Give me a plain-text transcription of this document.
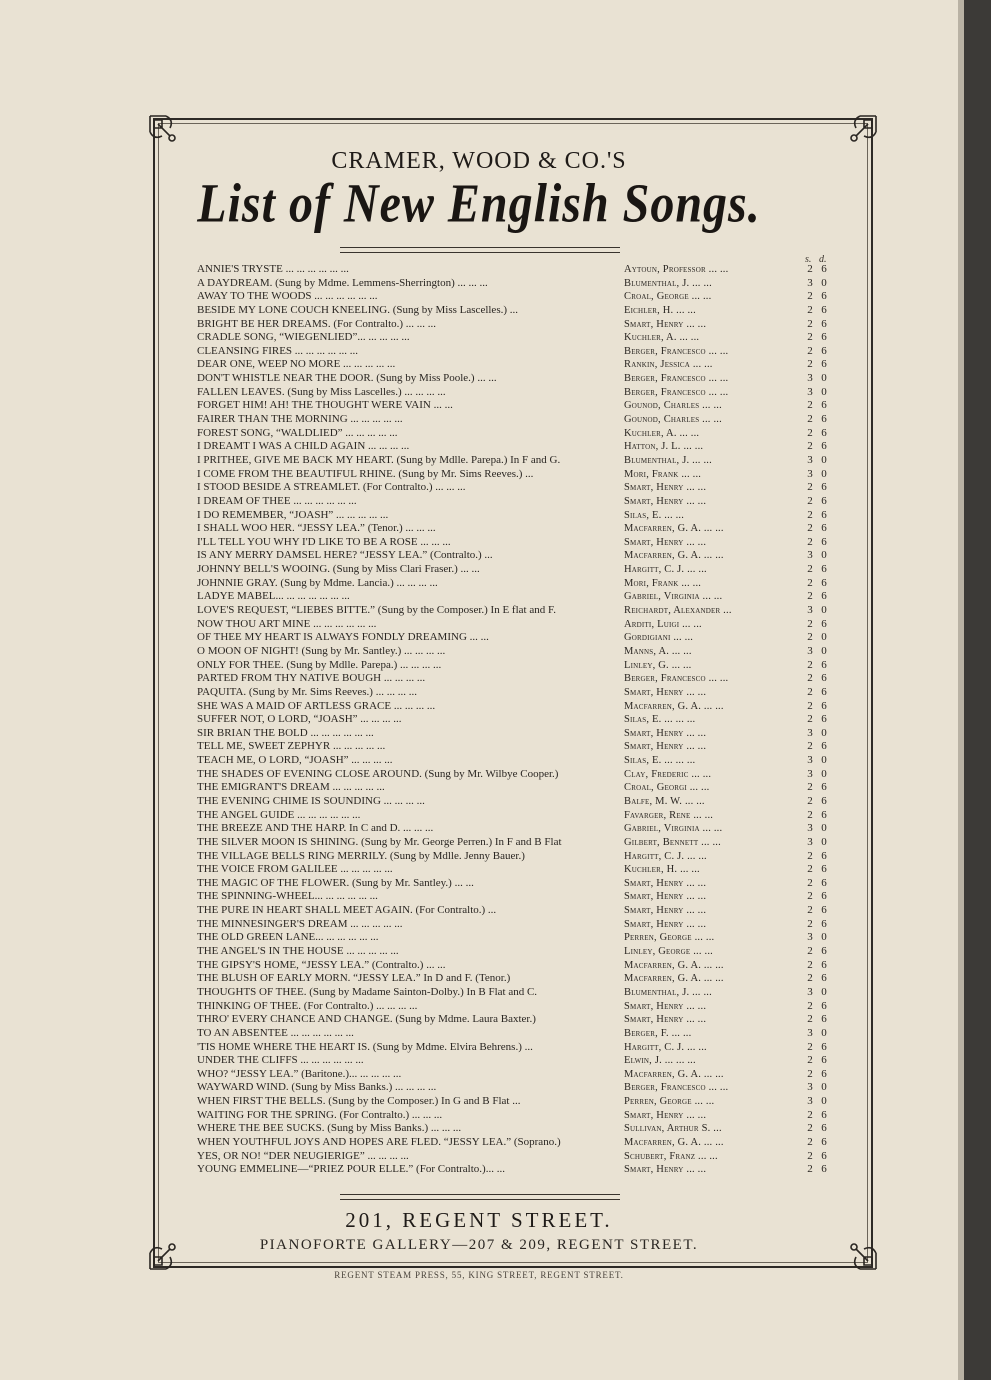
CRAMER, WOOD & CO.'S
List of New English Songs.
s. d.
ANNIE'S TRYSTE ... ... ... ... ... ...	Aytoun, Professor ... ...	2 6
A DAYDREAM. (Sung by Mdme. Lemmens-Sherrington) ... ... ...	Blumenthal, J. ... ...	3 0
AWAY TO THE WOODS ... ... ... ... ... ...	Croal, George ... ...	2 6
BESIDE MY LONE COUCH KNEELING. (Sung by Miss Lascelles.) ...	Eichler, H. ... ...	2 6
BRIGHT BE HER DREAMS. (For Contralto.) ... ... ...	Smart, Henry ... ...	2 6
CRADLE SONG, “WIEGENLIED”... ... ... ... ...	Kuchler, A. ... ...	2 6
CLEANSING FIRES ... ... ... ... ... ...	Berger, Francesco ... ...	2 6
DEAR ONE, WEEP NO MORE ... ... ... ... ...	Rankin, Jessica ... ...	2 6
DON'T WHISTLE NEAR THE DOOR. (Sung by Miss Poole.) ... ...	Berger, Francesco ... ...	3 0
FALLEN LEAVES. (Sung by Miss Lascelles.) ... ... ... ...	Berger, Francesco ... ...	3 0
FORGET HIM! AH! THE THOUGHT WERE VAIN ... ...	Gounod, Charles ... ...	2 6
FAIRER THAN THE MORNING ... ... ... ... ...	Gounod, Charles ... ...	2 6
FOREST SONG, “WALDLIED” ... ... ... ... ...	Kuchler, A. ... ...	2 6
I DREAMT I WAS A CHILD AGAIN ... ... ... ...	Hatton, J. L. ... ...	2 6
I PRITHEE, GIVE ME BACK MY HEART. (Sung by Mdlle. Parepa.) In F and G.	Blumenthal, J. ... ...	3 0
I COME FROM THE BEAUTIFUL RHINE. (Sung by Mr. Sims Reeves.) ...	Mori, Frank ... ...	3 0
I STOOD BESIDE A STREAMLET. (For Contralto.) ... ... ...	Smart, Henry ... ...	2 6
I DREAM OF THEE ... ... ... ... ... ...	Smart, Henry ... ...	2 6
I DO REMEMBER, “JOASH” ... ... ... ... ...	Silas, E. ... ...	2 6
I SHALL WOO HER. “JESSY LEA.” (Tenor.) ... ... ...	Macfarren, G. A. ... ...	2 6
I'LL TELL YOU WHY I'D LIKE TO BE A ROSE ... ... ...	Smart, Henry ... ...	2 6
IS ANY MERRY DAMSEL HERE? “JESSY LEA.” (Contralto.) ...	Macfarren, G. A. ... ...	3 0
JOHNNY BELL'S WOOING. (Sung by Miss Clari Fraser.) ... ...	Hargitt, C. J. ... ...	2 6
JOHNNIE GRAY. (Sung by Mdme. Lancia.) ... ... ... ...	Mori, Frank ... ...	2 6
LADYE MABEL... ... ... ... ... ... ...	Gabriel, Virginia ... ...	2 6
LOVE'S REQUEST, “LIEBES BITTE.” (Sung by the Composer.) In E flat and F.	Reichardt, Alexander ...	3 0
NOW THOU ART MINE ... ... ... ... ... ...	Arditi, Luigi ... ...	2 6
OF THEE MY HEART IS ALWAYS FONDLY DREAMING ... ...	Gordigiani ... ...	2 0
O MOON OF NIGHT! (Sung by Mr. Santley.) ... ... ... ...	Manns, A. ... ...	3 0
ONLY FOR THEE. (Sung by Mdlle. Parepa.) ... ... ... ...	Linley, G. ... ...	2 6
PARTED FROM THY NATIVE BOUGH ... ... ... ...	Berger, Francesco ... ...	2 6
PAQUITA. (Sung by Mr. Sims Reeves.) ... ... ... ...	Smart, Henry ... ...	2 6
SHE WAS A MAID OF ARTLESS GRACE ... ... ... ...	Macfarren, G. A. ... ...	2 6
SUFFER NOT, O LORD, “JOASH” ... ... ... ...	Silas, E. ... ... ...	2 6
SIR BRIAN THE BOLD ... ... ... ... ... ...	Smart, Henry ... ...	3 0
TELL ME, SWEET ZEPHYR ... ... ... ... ...	Smart, Henry ... ...	2 6
TEACH ME, O LORD, “JOASH” ... ... ... ...	Silas, E. ... ... ...	3 0
THE SHADES OF EVENING CLOSE AROUND. (Sung by Mr. Wilbye Cooper.)	Clay, Frederic ... ...	3 0
THE EMIGRANT'S DREAM ... ... ... ... ...	Croal, Georgi ... ...	2 6
THE EVENING CHIME IS SOUNDING ... ... ... ...	Balfe, M. W. ... ...	2 6
THE ANGEL GUIDE ... ... ... ... ... ...	Favarger, Rene ... ...	2 6
THE BREEZE AND THE HARP. In C and D. ... ... ...	Gabriel, Virginia ... ...	3 0
THE SILVER MOON IS SHINING. (Sung by Mr. George Perren.) In F and B Flat	Gilbert, Bennett ... ...	3 0
THE VILLAGE BELLS RING MERRILY. (Sung by Mdlle. Jenny Bauer.)	Hargitt, C. J. ... ...	2 6
THE VOICE FROM GALILEE ... ... ... ... ...	Kuchler, H. ... ...	2 6
THE MAGIC OF THE FLOWER. (Sung by Mr. Santley.) ... ...	Smart, Henry ... ...	2 6
THE SPINNING-WHEEL... ... ... ... ... ...	Smart, Henry ... ...	2 6
THE PURE IN HEART SHALL MEET AGAIN. (For Contralto.) ...	Smart, Henry ... ...	2 6
THE MINNESINGER'S DREAM ... ... ... ... ...	Smart, Henry ... ...	2 6
THE OLD GREEN LANE... ... ... ... ... ...	Perren, George ... ...	3 0
THE ANGEL'S IN THE HOUSE ... ... ... ... ...	Linley, George ... ...	2 6
THE GIPSY'S HOME, “JESSY LEA.” (Contralto.) ... ...	Macfarren, G. A. ... ...	2 6
THE BLUSH OF EARLY MORN. “JESSY LEA.” In D and F. (Tenor.)	Macfarren, G. A. ... ...	2 6
THOUGHTS OF THEE. (Sung by Madame Sainton-Dolby.) In B Flat and C.	Blumenthal, J. ... ...	3 0
THINKING OF THEE. (For Contralto.) ... ... ... ...	Smart, Henry ... ...	2 6
THRO' EVERY CHANCE AND CHANGE. (Sung by Mdme. Laura Baxter.)	Smart, Henry ... ...	2 6
TO AN ABSENTEE ... ... ... ... ... ...	Berger, F. ... ...	3 0
'TIS HOME WHERE THE HEART IS. (Sung by Mdme. Elvira Behrens.) ...	Hargitt, C. J. ... ...	2 6
UNDER THE CLIFFS ... ... ... ... ... ...	Elwin, J. ... ... ...	2 6
WHO? “JESSY LEA.” (Baritone.)... ... ... ... ...	Macfarren, G. A. ... ...	2 6
WAYWARD WIND. (Sung by Miss Banks.) ... ... ... ...	Berger, Francesco ... ...	3 0
WHEN FIRST THE BELLS. (Sung by the Composer.) In G and B Flat ...	Perren, George ... ...	3 0
WAITING FOR THE SPRING. (For Contralto.) ... ... ...	Smart, Henry ... ...	2 6
WHERE THE BEE SUCKS. (Sung by Miss Banks.) ... ... ...	Sullivan, Arthur S. ...	2 6
WHEN YOUTHFUL JOYS AND HOPES ARE FLED. “JESSY LEA.” (Soprano.)	Macfarren, G. A. ... ...	2 6
YES, OR NO! “DER NEUGIERIGE” ... ... ... ...	Schubert, Franz ... ...	2 6
YOUNG EMMELINE—“PRIEZ POUR ELLE.” (For Contralto.)... ...	Smart, Henry ... ...	2 6
201, REGENT STREET.
PIANOFORTE GALLERY—207 & 209, REGENT STREET.
REGENT STEAM PRESS, 55, KING STREET, REGENT STREET.
